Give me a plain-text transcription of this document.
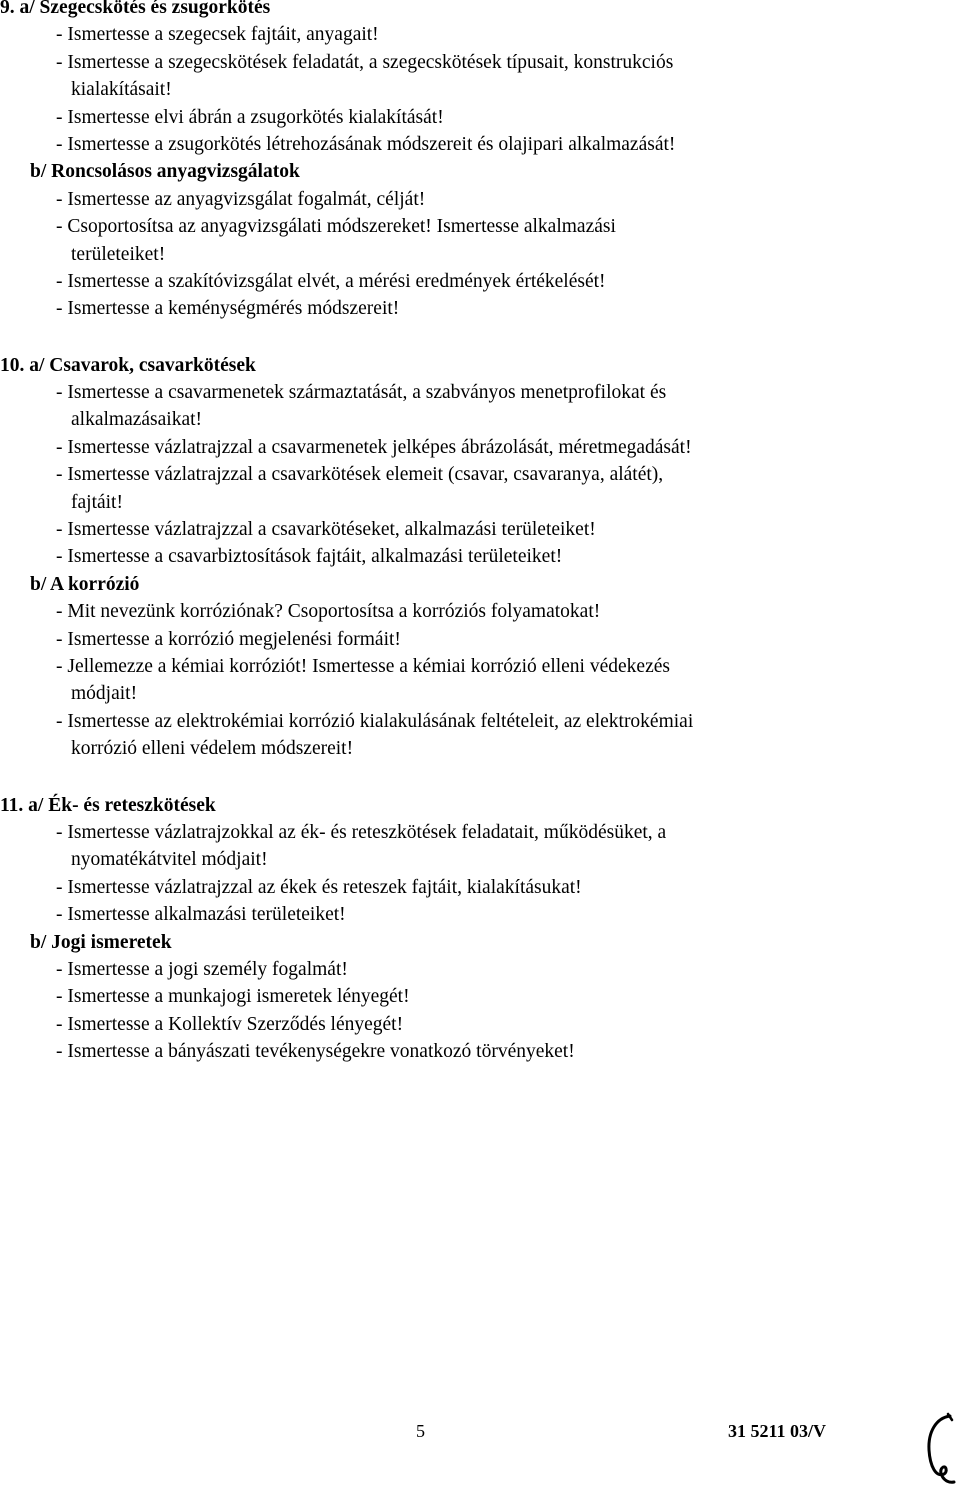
9. a/ Szegecskötés és zsugorkötés
- Ismertesse a szegecsek fajtáit, anyagait!
- Ismertesse a szegecskötések feladatát, a szegecskötések típusait, konstrukciós
kialakításait!
- Ismertesse elvi ábrán a zsugorkötés kialakítását!
- Ismertesse a zsugorkötés létrehozásának módszereit és olajipari alkalmazását!
b/ Roncsolásos anyagvizsgálatok
- Ismertesse az anyagvizsgálat fogalmát, célját!
- Csoportosítsa az anyagvizsgálati módszereket! Ismertesse alkalmazási
területeiket!
- Ismertesse a szakítóvizsgálat elvét, a mérési eredmények értékelését!
- Ismertesse a keménységmérés módszereit!
10. a/ Csavarok, csavarkötések
- Ismertesse a csavarmenetek származtatását, a szabványos menetprofilokat és
alkalmazásaikat!
- Ismertesse vázlatrajzzal a csavarmenetek jelképes ábrázolását, méretmegadását!
- Ismertesse vázlatrajzzal a csavarkötések elemeit (csavar, csavaranya, alátét),
fajtáit!
- Ismertesse vázlatrajzzal a csavarkötéseket, alkalmazási területeiket!
- Ismertesse a csavarbiztosítások fajtáit, alkalmazási területeiket!
b/ A korrózió
- Mit nevezünk korróziónak? Csoportosítsa a korróziós folyamatokat!
- Ismertesse a korrózió megjelenési formáit!
- Jellemezze a kémiai korróziót! Ismertesse a kémiai korrózió elleni védekezés
módjait!
- Ismertesse az elektrokémiai korrózió kialakulásának feltételeit, az elektrokémiai
korrózió elleni védelem módszereit!
11. a/ Ék- és reteszkötések
- Ismertesse vázlatrajzokkal az ék- és reteszkötések feladatait, működésüket, a
nyomatékátvitel módjait!
- Ismertesse vázlatrajzzal az ékek és reteszek fajtáit, kialakításukat!
- Ismertesse alkalmazási területeiket!
b/ Jogi ismeretek
- Ismertesse a jogi személy fogalmát!
- Ismertesse a munkajogi ismeretek lényegét!
- Ismertesse a Kollektív Szerződés lényegét!
- Ismertesse a bányászati tevékenységekre vonatkozó törvényeket!
5	31 5211 03/V
